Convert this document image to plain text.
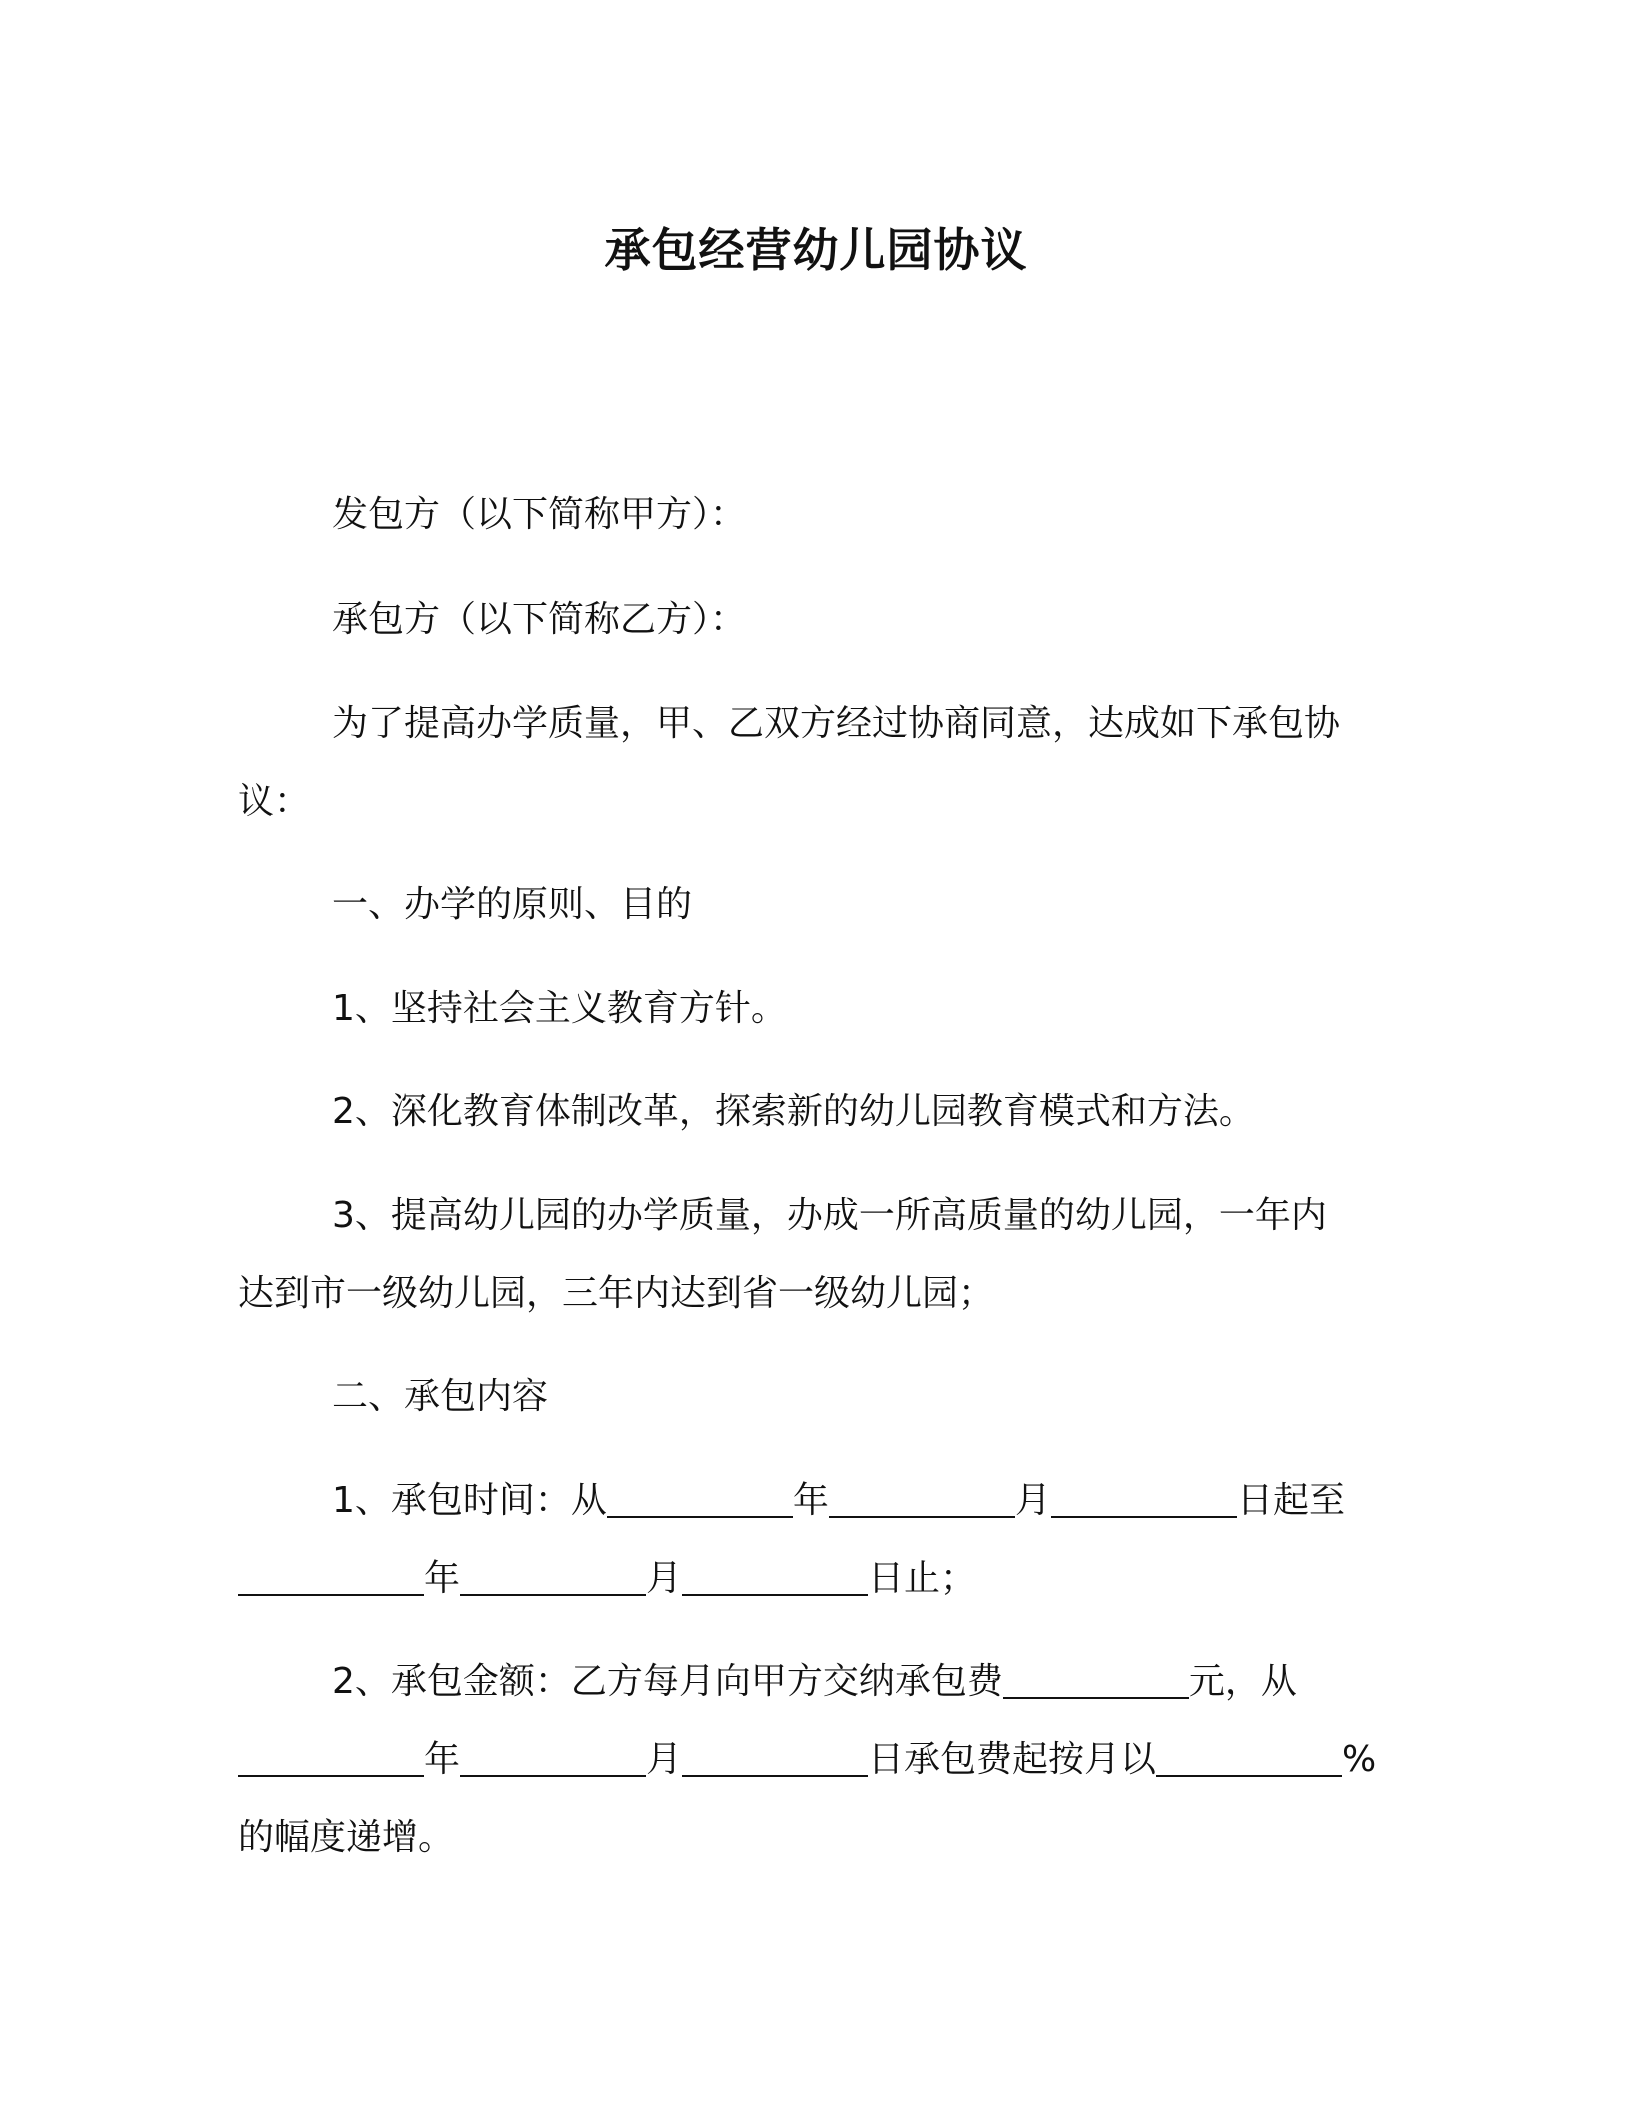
承包经营幼儿园协议

发包方（以下简称甲方）：

承包方（以下简称乙方）：

为了提高办学质量，甲、乙双方经过协商同意，达成如下承包协
议：

一、办学的原则、目的

1、坚持社会主义教育方针。

2、深化教育体制改革，探索新的幼儿园教育模式和方法。

3、提高幼儿园的办学质量，办成一所高质量的幼儿园，一年内
达到市一级幼儿园，三年内达到省一级幼儿园；

二、承包内容

1、承包时间：从	年	月	日起至
年	月	日止；

2、承包金额：乙方每月向甲方交纳承包费	元，从
年	月	日承包费起按月以	%
的幅度递增。
